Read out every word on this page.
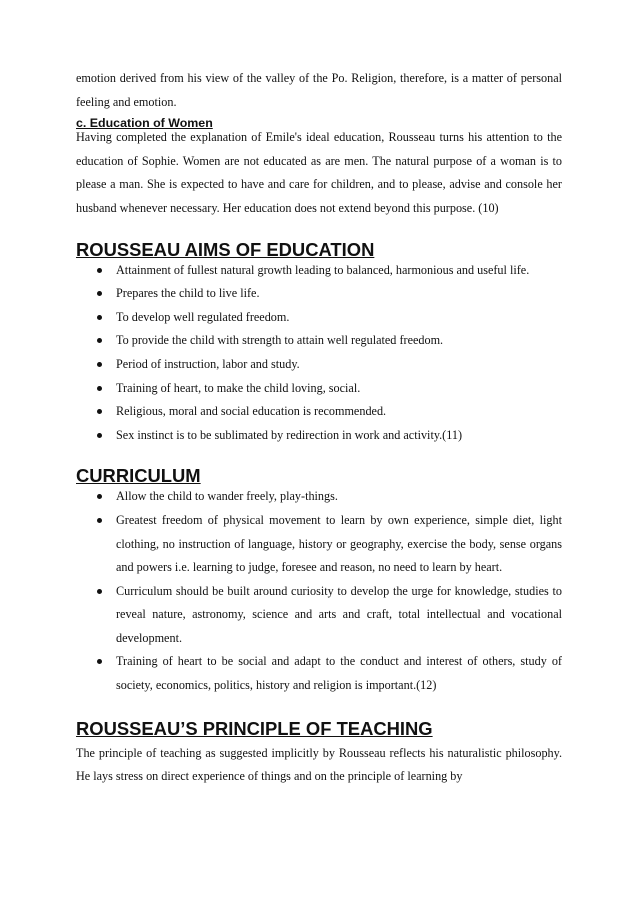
emotion derived from his view of the valley of the Po. Religion, therefore, is a matter of personal feeling and emotion.

c. Education of Women

Having completed the explanation of Emile's ideal education, Rousseau turns his attention to the education of Sophie. Women are not educated as are men. The natural purpose of a woman is to please a man. She is expected to have and care for children, and to please, advise and console her husband whenever necessary. Her education does not extend beyond this purpose. (10)

ROUSSEAU AIMS OF EDUCATION
Attainment of fullest natural growth leading to balanced, harmonious and useful life.
Prepares the child to live life.
To develop well regulated freedom.
To provide the child with strength to attain well regulated freedom.
Period of instruction, labor and study.
Training of heart, to make the child loving, social.
Religious, moral and social education is recommended.
Sex instinct is to be sublimated by redirection in work and activity.(11)
CURRICULUM
Allow the child to wander freely, play-things.
Greatest freedom of physical movement to learn by own experience, simple diet, light clothing, no instruction of language, history or geography, exercise the body, sense organs and powers i.e. learning to judge, foresee and reason, no need to learn by heart.
Curriculum should be built around curiosity to develop the urge for knowledge, studies to reveal nature, astronomy, science and arts and craft, total intellectual and vocational development.
Training of heart to be social and adapt to the conduct and interest of others, study of society, economics, politics, history and religion is important.(12)
ROUSSEAU’S PRINCIPLE OF TEACHING

The principle of teaching as suggested implicitly by Rousseau reflects his naturalistic philosophy. He lays stress on direct experience of things and on the principle of learning by
